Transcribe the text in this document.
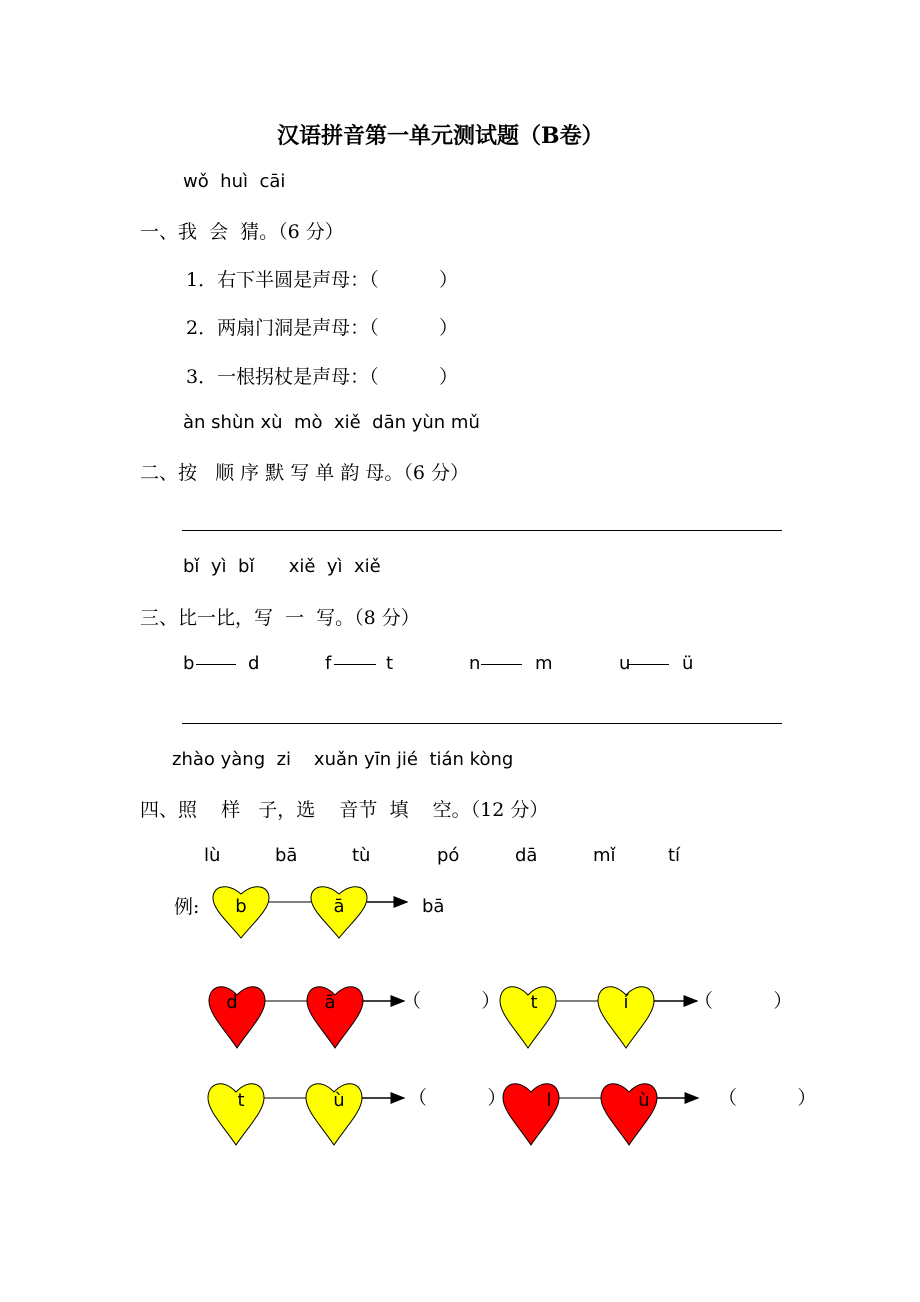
汉语拼音第一单元测试题（B卷）
wǒ  huì  cāi
一、我  会  猜。（6 分）
1．右下半圆是声母：（          ）
2．两扇门洞是声母：（          ）
3．一根拐杖是声母：（          ）
àn shùn xù  mò  xiě  dān yùn mǔ
二、按   顺 序 默 写 单 韵 母。（6 分）
bǐ  yì  bǐ      xiě  yì  xiě
三、比一比，写  一  写。（8 分）
b	d	f	t	n	m	u	ü
zhào yàng  zi    xuǎn yīn jié  tián kòng
四、照    样   子，选    音节  填    空。（12 分）
lù	bā	tù	pó	dā	mǐ	tí
例: b	ā	bā
d	ā	t	í
t	ù	l	ù
（          ）	（          ）
（          ）	（          ）
